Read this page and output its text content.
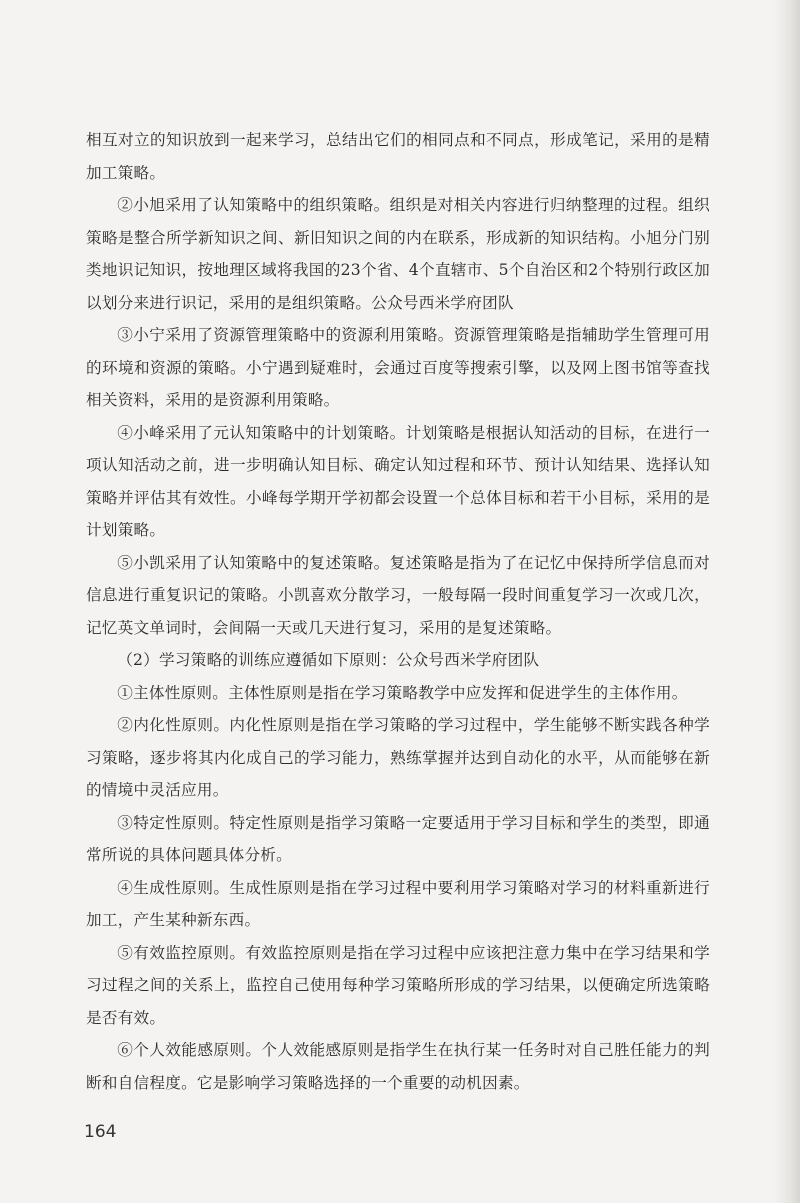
相互对立的知识放到一起来学习，总结出它们的相同点和不同点，形成笔记，采用的是精加工策略。

②小旭采用了认知策略中的组织策略。组织是对相关内容进行归纳整理的过程。组织策略是整合所学新知识之间、新旧知识之间的内在联系，形成新的知识结构。小旭分门别类地识记知识，按地理区域将我国的23个省、4个直辖市、5个自治区和2个特别行政区加以划分来进行识记，采用的是组织策略。公众号西米学府团队

③小宁采用了资源管理策略中的资源利用策略。资源管理策略是指辅助学生管理可用的环境和资源的策略。小宁遇到疑难时，会通过百度等搜索引擎，以及网上图书馆等查找相关资料，采用的是资源利用策略。

④小峰采用了元认知策略中的计划策略。计划策略是根据认知活动的目标，在进行一项认知活动之前，进一步明确认知目标、确定认知过程和环节、预计认知结果、选择认知策略并评估其有效性。小峰每学期开学初都会设置一个总体目标和若干小目标，采用的是计划策略。

⑤小凯采用了认知策略中的复述策略。复述策略是指为了在记忆中保持所学信息而对信息进行重复识记的策略。小凯喜欢分散学习，一般每隔一段时间重复学习一次或几次，记忆英文单词时，会间隔一天或几天进行复习，采用的是复述策略。

（2）学习策略的训练应遵循如下原则：公众号西米学府团队

①主体性原则。主体性原则是指在学习策略教学中应发挥和促进学生的主体作用。

②内化性原则。内化性原则是指在学习策略的学习过程中，学生能够不断实践各种学习策略，逐步将其内化成自己的学习能力，熟练掌握并达到自动化的水平，从而能够在新的情境中灵活应用。

③特定性原则。特定性原则是指学习策略一定要适用于学习目标和学生的类型，即通常所说的具体问题具体分析。

④生成性原则。生成性原则是指在学习过程中要利用学习策略对学习的材料重新进行加工，产生某种新东西。

⑤有效监控原则。有效监控原则是指在学习过程中应该把注意力集中在学习结果和学习过程之间的关系上，监控自己使用每种学习策略所形成的学习结果，以便确定所选策略是否有效。

⑥个人效能感原则。个人效能感原则是指学生在执行某一任务时对自己胜任能力的判断和自信程度。它是影响学习策略选择的一个重要的动机因素。

164
